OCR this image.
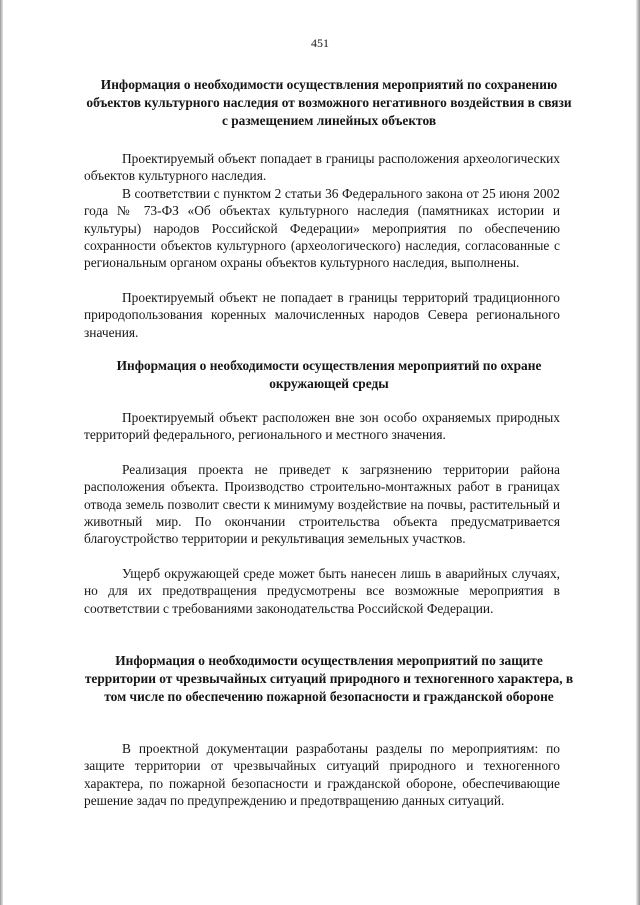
451
Информация о необходимости осуществления мероприятий по сохранению объектов культурного наследия от возможного негативного воздействия в связи с размещением линейных объектов

Проектируемый объект попадает в границы расположения археологических объектов культурного наследия.

В соответствии с пунктом 2 статьи 36 Федерального закона от 25 июня 2002 года № 73-ФЗ «Об объектах культурного наследия (памятниках истории и культуры) народов Российской Федерации» мероприятия по обеспечению сохранности объектов культурного (археологического) наследия, согласованные с региональным органом охраны объектов культурного наследия, выполнены.

Проектируемый объект не попадает в границы территорий традиционного природопользования коренных малочисленных народов Севера регионального значения.

Информация о необходимости осуществления мероприятий по охране окружающей среды

Проектируемый объект расположен вне зон особо охраняемых природных территорий федерального, регионального и местного значения.

Реализация проекта не приведет к загрязнению территории района расположения объекта. Производство строительно-монтажных работ в границах отвода земель позволит свести к минимуму воздействие на почвы, растительный и животный мир. По окончании строительства объекта предусматривается благоустройство территории и рекультивация земельных участков.

Ущерб окружающей среде может быть нанесен лишь в аварийных случаях, но для их предотвращения предусмотрены все возможные мероприятия в соответствии с требованиями законодательства Российской Федерации.

Информация о необходимости осуществления мероприятий по защите территории от чрезвычайных ситуаций природного и техногенного характера, в том числе по обеспечению пожарной безопасности и гражданской обороне

В проектной документации разработаны разделы по мероприятиям: по защите территории от чрезвычайных ситуаций природного и техногенного характера, по пожарной безопасности и гражданской обороне, обеспечивающие решение задач по предупреждению и предотвращению данных ситуаций.
